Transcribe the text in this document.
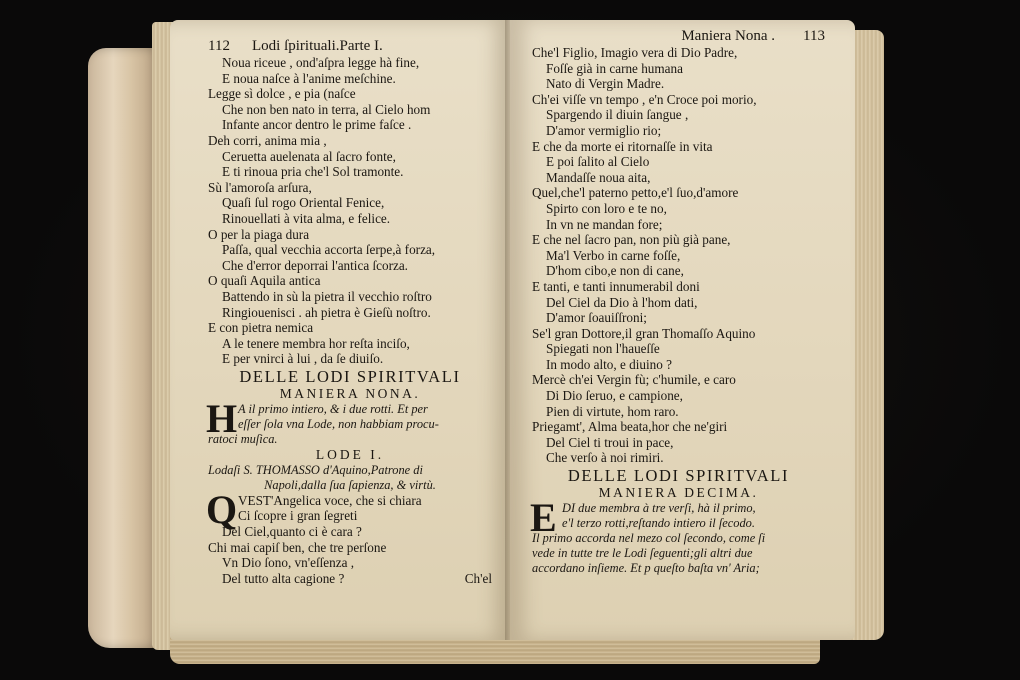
112 Lodi ſpirituali.Parte I.
Noua riceue , ond'aſpra legge hà fine,
E noua naſce à l'anime meſchine.
Legge sì dolce , e pia (naſce
Che non ben nato in terra, al Cielo hom
Infante ancor dentro le prime faſce .
Deh corri, anima mia ,
Ceruetta auelenata al ſacro fonte,
E ti rinoua pria che'l Sol tramonte.
Sù l'amoroſa arſura,
Quaſi ſul rogo Oriental Fenice,
Rinouellati à vita alma, e felice.
O per la piaga dura
Paſſa, qual vecchia accorta ſerpe,à forza,
Che d'error deporrai l'antica ſcorza.
O quaſi Aquila antica
Battendo in sù la pietra il vecchio roſtro
Ringiouenisci . ah pietra è Gieſù noſtro.
E con pietra nemica
A le tenere membra hor reſta inciſo,
E per vnirci à lui , da ſe diuiſo.
DELLE LODI SPIRITVALI
MANIERA NONA.
H A il primo intiero, & i due rotti. Et per
eſſer ſola vna Lode, non habbiam procu-
ratoci muſica.
LODE I.
Lodaſi S. THOMASSO d'Aquino,Patrone di
Napoli,dalla ſua ſapienza, & virtù.
Q VEST'Angelica voce, che si chiara
Ci ſcopre i gran ſegreti
Del Ciel,quanto ci è cara ?
Chi mai capiſ ben, che tre perſone
Vn Dio ſono, vn'eſſenza ,
Del tutto alta cagione ?	Ch'el
Maniera Nona . 113
Che'l Figlio, Imagio vera di Dio Padre,
Foſſe già in carne humana
Nato di Vergin Madre.
Ch'ei viſſe vn tempo , e'n Croce poi morio,
Spargendo il diuin ſangue ,
D'amor vermiglio rio;
E che da morte ei ritornaſſe in vita
E poi ſalito al Cielo
Mandaſſe noua aita,
Quel,che'l paterno petto,e'l ſuo,d'amore
Spirto con loro e te no,
In vn ne mandan fore;
E che nel ſacro pan, non più già pane,
Ma'l Verbo in carne foſſe,
D'hom cibo,e non di cane,
E tanti, e tanti innumerabil doni
Del Ciel da Dio à l'hom dati,
D'amor ſoauiſſroni;
Se'l gran Dottore,il gran Thomaſſo Aquino
Spiegati non l'haueſſe
In modo alto, e diuino ?
Mercè ch'ei Vergin fù; c'humile, e caro
Di Dio ſeruo, e campione,
Pien di virtute, hom raro.
Priegamt', Alma beata,hor che ne'giri
Del Ciel ti troui in pace,
Che verſo à noi rimiri.
DELLE LODI SPIRITVALI
MANIERA DECIMA.
E DI due membra à tre verſi, hà il primo,
e'l terzo rotti,reſtando intiero il ſecodo.
Il primo accorda nel mezo col ſecondo, come ſi
vede in tutte tre le Lodi ſeguenti;gli altri due
accordano inſieme. Et p queſto baſta vn' Aria;
